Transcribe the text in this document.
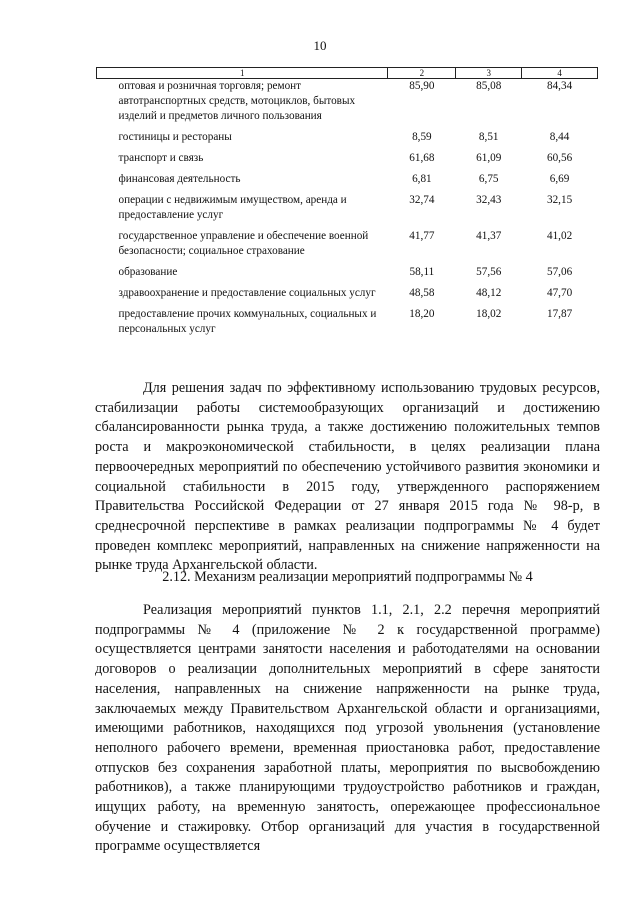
10
1	2	3	4
оптовая и розничная торговля; ремонт автотранспортных средств, мотоциклов, бытовых изделий и предметов личного пользования	85,90	85,08	84,34
гостиницы и рестораны	8,59	8,51	8,44
транспорт и связь	61,68	61,09	60,56
финансовая деятельность	6,81	6,75	6,69
операции с недвижимым имуществом, аренда и предоставление услуг	32,74	32,43	32,15
государственное управление и обеспечение военной безопасности; социальное страхование	41,77	41,37	41,02
образование	58,11	57,56	57,06
здравоохранение и предоставление социальных услуг	48,58	48,12	47,70
предоставление прочих коммунальных, социальных и персональных услуг	18,20	18,02	17,87

Для решения задач по эффективному использованию трудовых ресурсов, стабилизации работы системообразующих организаций и достижению сбалансированности рынка труда, а также достижению положительных темпов роста и макроэкономической стабильности, в целях реализации плана первоочередных мероприятий по обеспечению устойчивого развития экономики и социальной стабильности в 2015 году, утвержденного распоряжением Правительства Российской Федерации от 27 января 2015 года № 98-р, в среднесрочной перспективе в рамках реализации подпрограммы № 4 будет проведен комплекс мероприятий, направленных на снижение напряженности на рынке труда Архангельской области.

2.12. Механизм реализации мероприятий подпрограммы № 4

Реализация мероприятий пунктов 1.1, 2.1, 2.2 перечня мероприятий подпрограммы № 4 (приложение № 2 к государственной программе) осуществляется центрами занятости населения и работодателями на основании договоров о реализации дополнительных мероприятий в сфере занятости населения, направленных на снижение напряженности на рынке труда, заключаемых между Правительством Архангельской области и организациями, имеющими работников, находящихся под угрозой увольнения (установление неполного рабочего времени, временная приостановка работ, предоставление отпусков без сохранения заработной платы, мероприятия по высвобождению работников), а также планирующими трудоустройство работников и граждан, ищущих работу, на временную занятость, опережающее профессиональное обучение и стажировку. Отбор организаций для участия в государственной программе осуществляется
